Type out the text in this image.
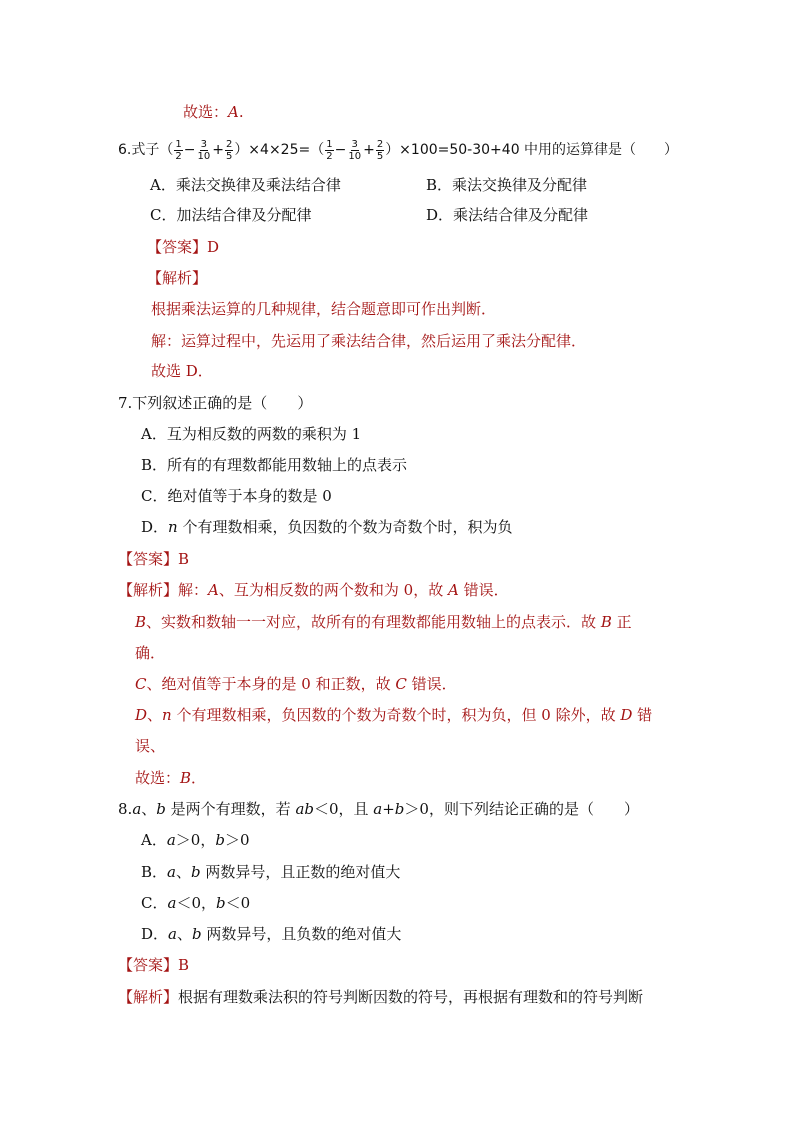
故选：A.
6.式子（ $\frac{1}{2} - \frac{3}{10} + \frac{2}{5} )\times 4\times 25=( \frac{1}{2} - \frac{3}{10} + \frac{2}{5} )\times 100=50-30+40$ 中用的运算律是（　　）
A．乘法交换律及乘法结合律	B．乘法交换律及分配律
C．加法结合律及分配律	D．乘法结合律及分配律
【答案】D
【解析】
根据乘法运算的几种规律，结合题意即可作出判断．
解：运算过程中，先运用了乘法结合律，然后运用了乘法分配律．
故选 D．
7.下列叙述正确的是（　　）
A．互为相反数的两数的乘积为 1
B．所有的有理数都能用数轴上的点表示
C．绝对值等于本身的数是 0
D．n 个有理数相乘，负因数的个数为奇数个时，积为负
【答案】B
【解析】解：A、互为相反数的两个数和为 0，故 A 错误．
B、实数和数轴一一对应，故所有的有理数都能用数轴上的点表示．故 B 正
确．
C、绝对值等于本身的是 0 和正数，故 C 错误．
D、n 个有理数相乘，负因数的个数为奇数个时，积为负，但 0 除外，故 D 错
误、
故选：B．
8.a、b 是两个有理数，若 ab＜0，且 a+b＞0，则下列结论正确的是（　　）
A．a＞0，b＞0
B．a、b 两数异号，且正数的绝对值大
C．a＜0，b＜0
D．a、b 两数异号，且负数的绝对值大
【答案】B
【解析】根据有理数乘法积的符号判断因数的符号，再根据有理数和的符号判断
